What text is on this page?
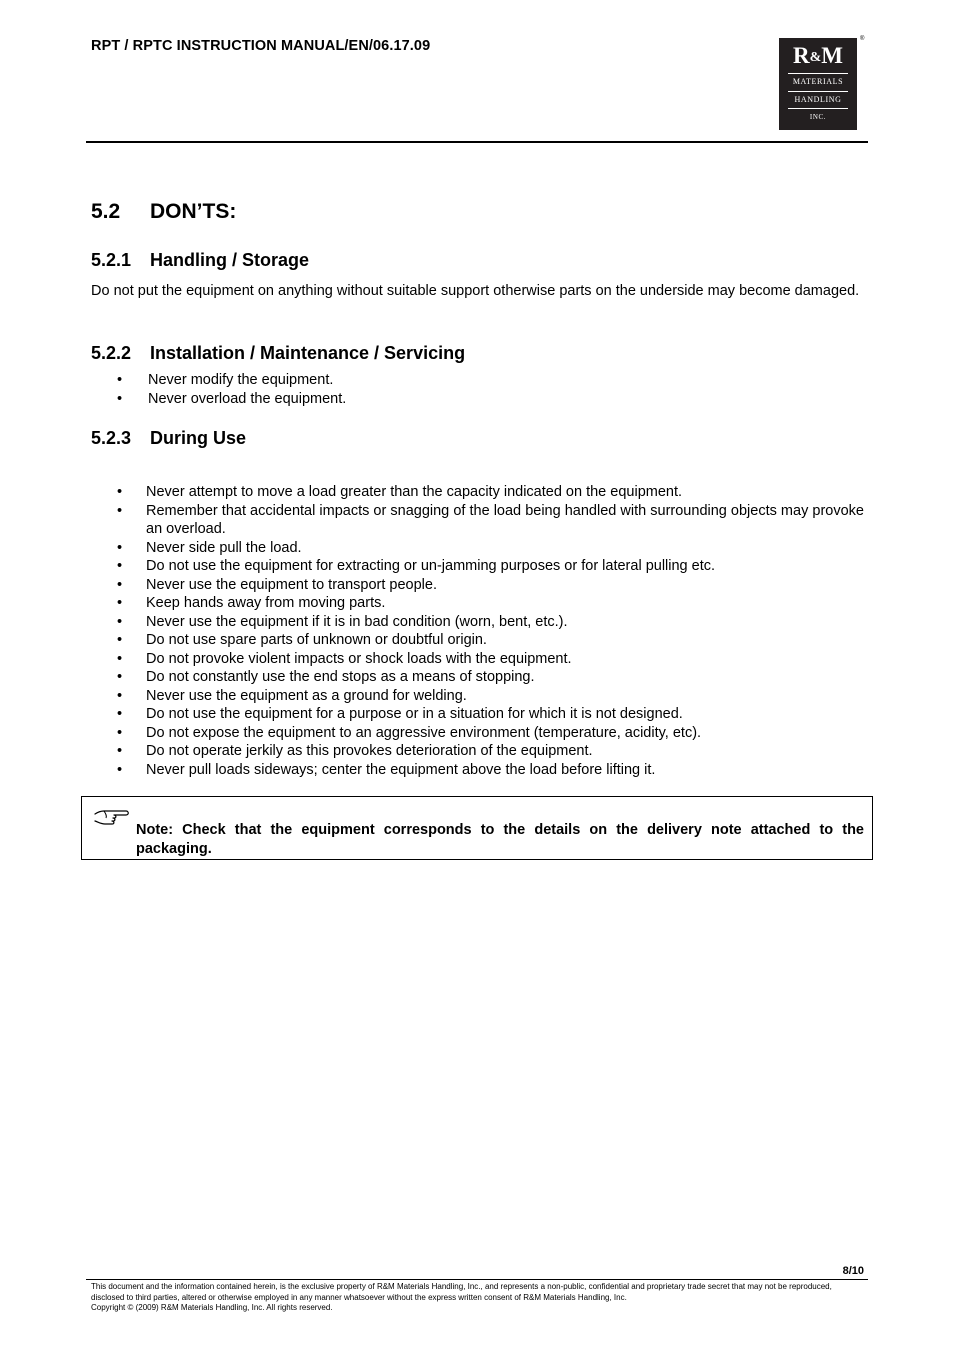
RPT / RPTC INSTRUCTION MANUAL/EN/06.17.09	®
R&M
MATERIALS
HANDLING
INC.
5.2 DON’TS:
5.2.1 Handling / Storage
Do not put the equipment on anything without suitable support otherwise parts on the underside may become damaged.
5.2.2 Installation / Maintenance / Servicing
• Never modify the equipment.
• Never overload the equipment.
5.2.3 During Use
• Never attempt to move a load greater than the capacity indicated on the equipment.
• Remember that accidental impacts or snagging of the load being handled with surrounding objects may provoke an overload.
• Never side pull the load.
• Do not use the equipment for extracting or un-jamming purposes or for lateral pulling etc.
• Never use the equipment to transport people.
• Keep hands away from moving parts.
• Never use the equipment if it is in bad condition (worn, bent, etc.).
• Do not use spare parts of unknown or doubtful origin.
• Do not provoke violent impacts or shock loads with the equipment.
• Do not constantly use the end stops as a means of stopping.
• Never use the equipment as a ground for welding.
• Do not use the equipment for a purpose or in a situation for which it is not designed.
• Do not expose the equipment to an aggressive environment (temperature, acidity, etc).
• Do not operate jerkily as this provokes deterioration of the equipment.
• Never pull loads sideways; center the equipment above the load before lifting it.
Note: Check that the equipment corresponds to the details on the delivery note attached to the packaging.
8/10
This document and the information contained herein, is the exclusive property of R&M Materials Handling, Inc., and represents a non-public, confidential and proprietary trade secret that may not be reproduced, disclosed to third parties, altered or otherwise employed in any manner whatsoever without the express written consent of R&M Materials Handling, Inc.
Copyright © (2009) R&M Materials Handling, Inc. All rights reserved.
